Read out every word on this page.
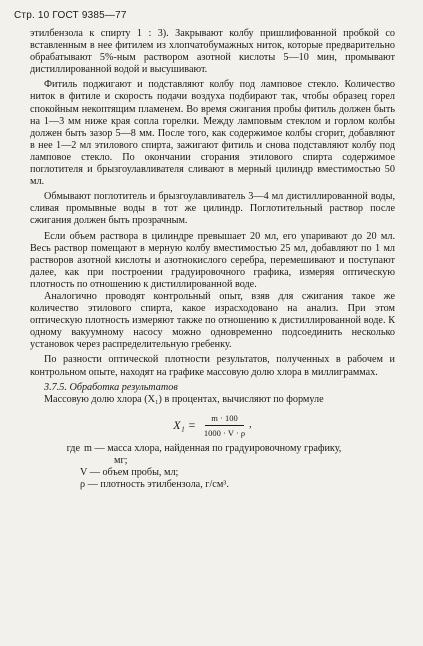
Стр. 10 ГОСТ 9385—77

этилбензола к спирту 1 : 3). Закрывают колбу пришлифованной пробкой со вставленным в нее фитилем из хлопчатобумажных ниток, которые предварительно обрабатывают 5%-ным раствором азотной кислоты 5—10 мин, промывают дистиллированной водой и высушивают.

Фитиль поджигают и подставляют колбу под ламповое стекло. Количество ниток в фитиле и скорость подачи воздуха подбирают так, чтобы образец горел спокойным некоптящим пламенем. Во время сжигания пробы фитиль должен быть на 1—3 мм ниже края сопла горелки. Между ламповым стеклом и горлом колбы должен быть зазор 5—8 мм. После того, как содержимое колбы сгорит, добавляют в нее 1—2 мл этилового спирта, зажигают фитиль и снова подставляют колбу под ламповое стекло. По окончании сгорания этилового спирта содержимое поглотителя и брызгоулавливателя сливают в мерный цилиндр вместимостью 50 мл.

Обмывают поглотитель и брызгоулавливатель 3—4 мл дистиллированной воды, сливая промывные воды в тот же цилиндр. Поглотительный раствор после сжигания должен быть прозрачным.

Если объем раствора в цилиндре превышает 20 мл, его упаривают до 20 мл. Весь раствор помещают в мерную колбу вместимостью 25 мл, добавляют по 1 мл растворов азотной кислоты и азотнокислого серебра, перемешивают и поступают далее, как при построении градуировочного графика, измеряя оптическую плотность по отношению к дистиллированной воде.

Аналогично проводят контрольный опыт, взяв для сжигания такое же количество этилового спирта, какое израсходовано на анализ. При этом оптическую плотность измеряют также по отношению к дистиллированной воде. К одному вакуумному насосу можно одновременно подсоединить несколько установок через распределительную гребенку.

По разности оптической плотности результатов, полученных в рабочем и контрольном опыте, находят на графике массовую долю хлора в миллиграммах.

3.7.5. Обработка результатов

Массовую долю хлора (X₁) в процентах, вычисляют по формуле

$X_1 = \frac{m \cdot 100}{1000 \cdot V \cdot \rho}$ ,
где m — масса хлора, найденная по градуировочному графику,
мг;
V — объем пробы, мл;
ρ — плотность этилбензола, г/см³.
